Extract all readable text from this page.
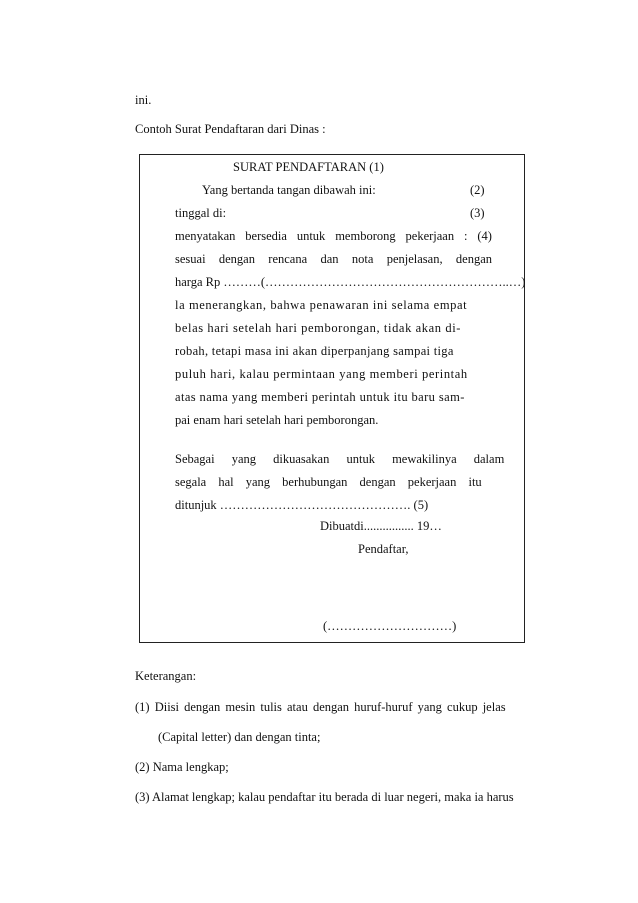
ini.
Contoh Surat Pendaftaran dari Dinas :
SURAT PENDAFTARAN (1)
Yang bertanda tangan dibawah ini:	(2)
tinggal di:	(3)
menyatakan bersedia untuk memborong pekerjaan : (4)
sesuai dengan rencana dan nota penjelasan, dengan
harga Rp ………(…………………………………………………..…)
la menerangkan, bahwa penawaran ini selama empat
belas hari setelah hari pemborongan, tidak akan di-
robah, tetapi masa ini akan diperpanjang sampai tiga
puluh hari, kalau permintaan yang memberi perintah
atas nama yang memberi perintah untuk itu baru sam-
pai enam hari setelah hari pemborongan.
Sebagai yang dikuasakan untuk mewakilinya dalam
segala hal yang berhubungan dengan pekerjaan itu
ditunjuk ………………………………………. (5)
Dibuatdi................ 19…
Pendaftar,
(…………………………)
Keterangan:
(1) Diisi dengan mesin tulis atau dengan huruf-huruf yang cukup jelas
(Capital letter) dan dengan tinta;
(2) Nama lengkap;
(3) Alamat lengkap; kalau pendaftar itu berada di luar negeri, maka ia harus
